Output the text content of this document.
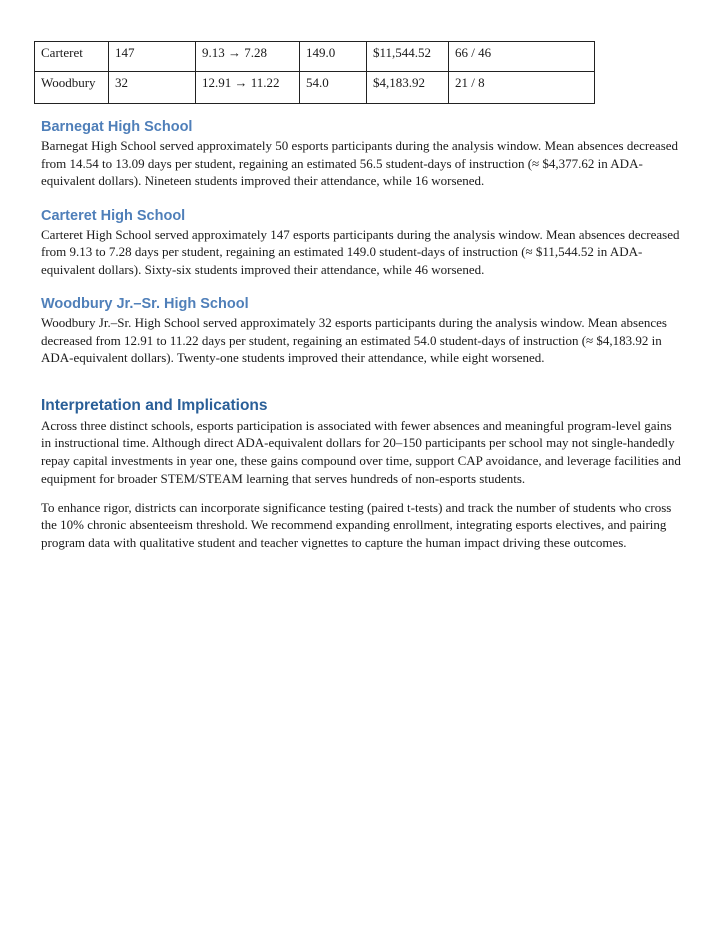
Carteret	147	9.13 → 7.28	149.0	$11,544.52	66 / 46
Woodbury	32	12.91 → 11.22	54.0	$4,183.92	21 / 8
Barnegat High School

Barnegat High School served approximately 50 esports participants during the analysis window. Mean absences decreased from 14.54 to 13.09 days per student, regaining an estimated 56.5 student-days of instruction (≈ $4,377.62 in ADA-equivalent dollars). Nineteen students improved their attendance, while 16 worsened.

Carteret High School

Carteret High School served approximately 147 esports participants during the analysis window. Mean absences decreased from 9.13 to 7.28 days per student, regaining an estimated 149.0 student-days of instruction (≈ $11,544.52 in ADA-equivalent dollars). Sixty-six students improved their attendance, while 46 worsened.

Woodbury Jr.–Sr. High School

Woodbury Jr.–Sr. High School served approximately 32 esports participants during the analysis window. Mean absences decreased from 12.91 to 11.22 days per student, regaining an estimated 54.0 student-days of instruction (≈ $4,183.92 in ADA-equivalent dollars). Twenty-one students improved their attendance, while eight worsened.

Interpretation and Implications

Across three distinct schools, esports participation is associated with fewer absences and meaningful program-level gains in instructional time. Although direct ADA-equivalent dollars for 20–150 participants per school may not single-handedly repay capital investments in year one, these gains compound over time, support CAP avoidance, and leverage facilities and equipment for broader STEM/STEAM learning that serves hundreds of non-esports students.

To enhance rigor, districts can incorporate significance testing (paired t-tests) and track the number of students who cross the 10% chronic absenteeism threshold. We recommend expanding enrollment, integrating esports electives, and pairing program data with qualitative student and teacher vignettes to capture the human impact driving these outcomes.
